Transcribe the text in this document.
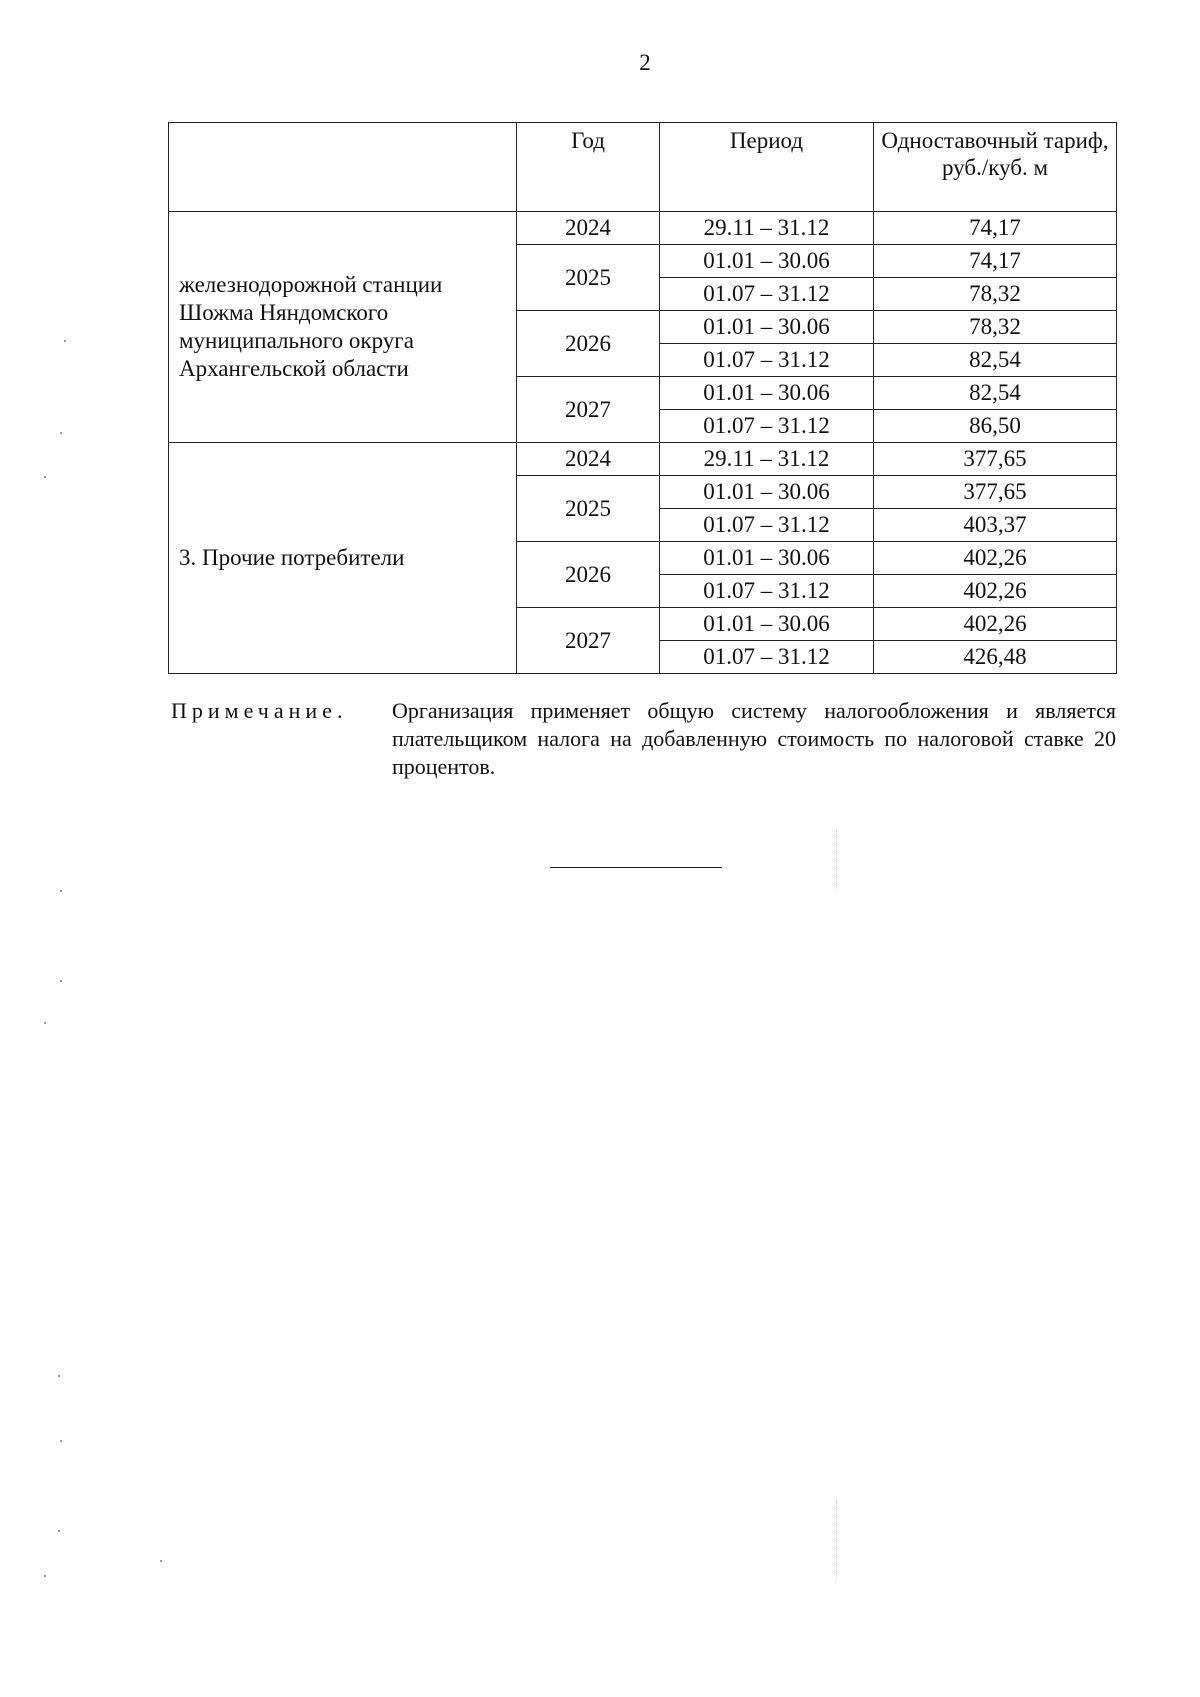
2
	Год	Период	Одноставочный тариф, руб./куб. м
железнодорожной станции Шожма Няндомского муниципального округа Архангельской области	2024	29.11 – 31.12	74,17
	2025	01.01 – 30.06	74,17
		01.07 – 31.12	78,32
	2026	01.01 – 30.06	78,32
		01.07 – 31.12	82,54
	2027	01.01 – 30.06	82,54
		01.07 – 31.12	86,50
3. Прочие потребители	2024	29.11 – 31.12	377,65
	2025	01.01 – 30.06	377,65
		01.07 – 31.12	403,37
	2026	01.01 – 30.06	402,26
		01.07 – 31.12	402,26
	2027	01.01 – 30.06	402,26
		01.07 – 31.12	426,48
Примечание. Организация применяет общую систему налогообложения и является плательщиком налога на добавленную стоимость по налоговой ставке 20 процентов.
